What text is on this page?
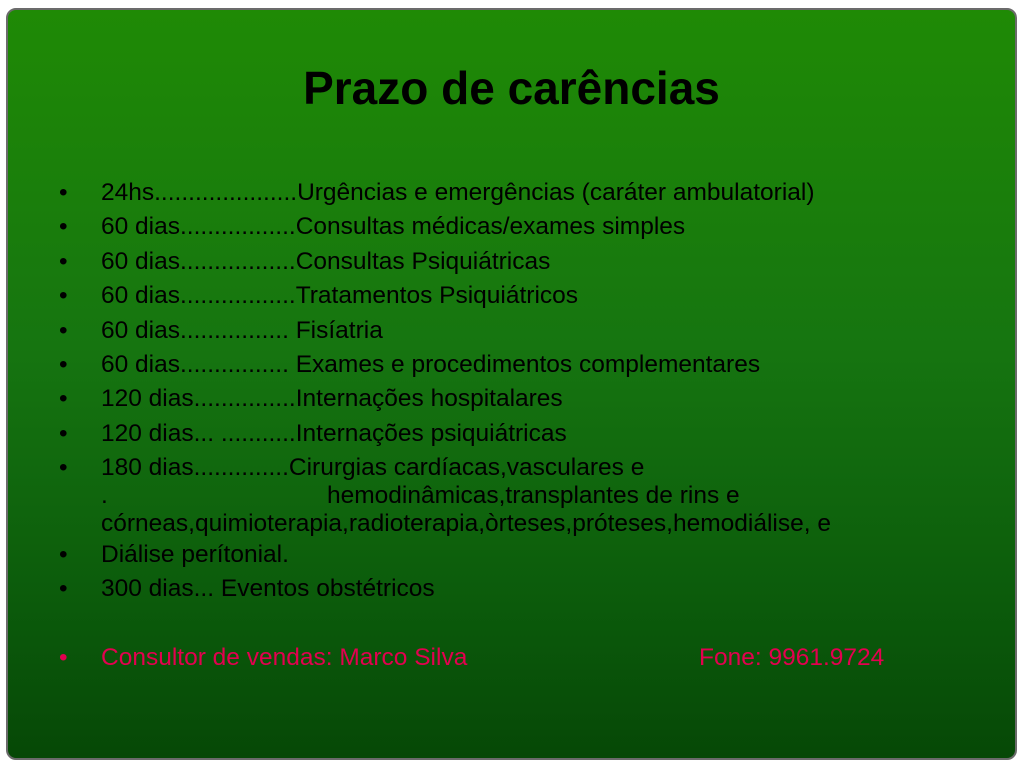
Prazo de carências
• 24hs.....................Urgências e emergências (caráter ambulatorial)
• 60 dias.................Consultas médicas/exames simples
• 60 dias.................Consultas Psiquiátricas
• 60 dias.................Tratamentos Psiquiátricos
• 60 dias................ Fisíatria
• 60 dias................ Exames e procedimentos complementares
• 120 dias...............Internações hospitalares
• 120 dias... ...........Internações psiquiátricas
• 180 dias..............Cirurgias cardíacas,vasculares e
.	hemodinâmicas,transplantes de rins e
córneas,quimioterapia,radioterapia,òrteses,próteses,hemodiálise, e
• Diálise perítonial.
• 300 dias... Eventos obstétricos
• Consultor de vendas: Marco Silva	Fone: 9961.9724
